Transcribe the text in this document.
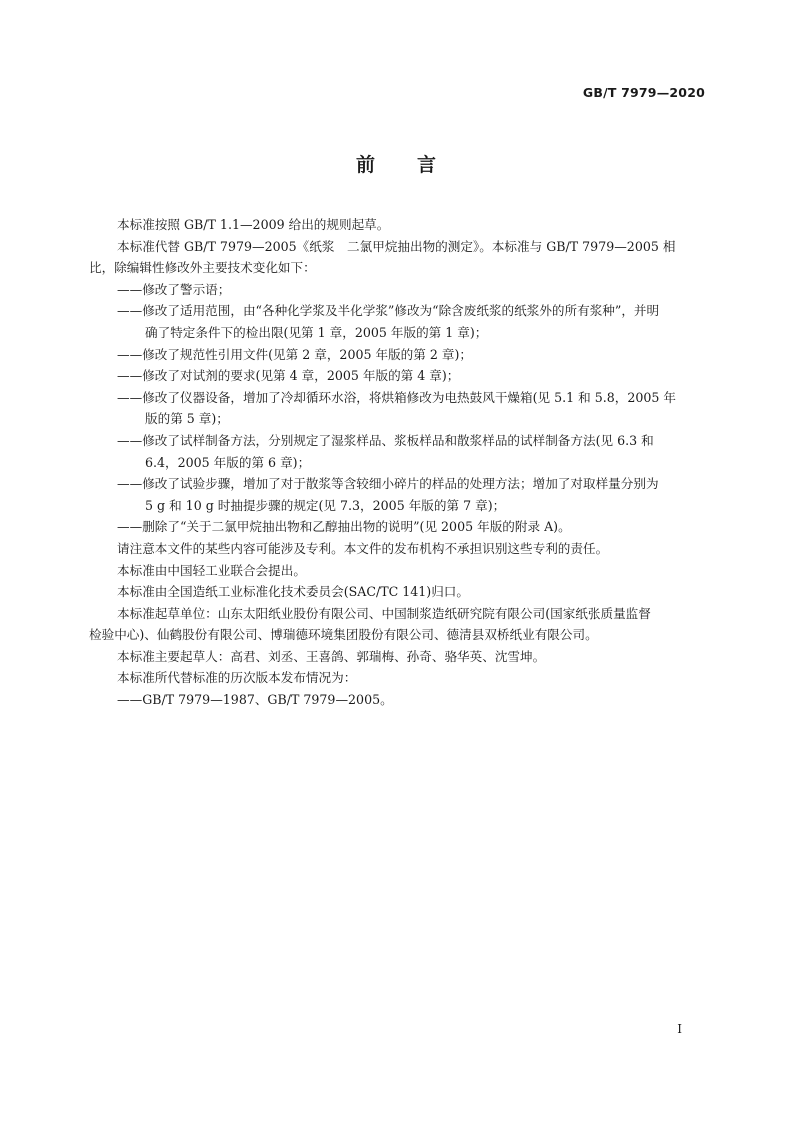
GB/T 7979—2020
前 言

本标准按照 GB/T 1.1—2009 给出的规则起草。

本标准代替 GB/T 7979—2005《纸浆　二氯甲烷抽出物的测定》。本标准与 GB/T 7979—2005 相

比，除编辑性修改外主要技术变化如下：

——修改了警示语；

——修改了适用范围，由“各种化学浆及半化学浆”修改为“除含废纸浆的纸浆外的所有浆种”，并明

确了特定条件下的检出限(见第 1 章，2005 年版的第 1 章)；

——修改了规范性引用文件(见第 2 章，2005 年版的第 2 章)；

——修改了对试剂的要求(见第 4 章，2005 年版的第 4 章)；

——修改了仪器设备，增加了冷却循环水浴，将烘箱修改为电热鼓风干燥箱(见 5.1 和 5.8，2005 年

版的第 5 章)；

——修改了试样制备方法，分别规定了湿浆样品、浆板样品和散浆样品的试样制备方法(见 6.3 和

6.4，2005 年版的第 6 章)；

——修改了试验步骤，增加了对于散浆等含较细小碎片的样品的处理方法；增加了对取样量分别为

5 g 和 10 g 时抽提步骤的规定(见 7.3，2005 年版的第 7 章)；

——删除了“关于二氯甲烷抽出物和乙醇抽出物的说明”(见 2005 年版的附录 A)。

请注意本文件的某些内容可能涉及专利。本文件的发布机构不承担识别这些专利的责任。

本标准由中国轻工业联合会提出。

本标准由全国造纸工业标准化技术委员会(SAC/TC 141)归口。

本标准起草单位：山东太阳纸业股份有限公司、中国制浆造纸研究院有限公司(国家纸张质量监督

检验中心)、仙鹤股份有限公司、博瑞德环境集团股份有限公司、德清县双桥纸业有限公司。

本标准主要起草人：高君、刘丞、王喜鸽、郭瑞梅、孙奇、骆华英、沈雪坤。

本标准所代替标准的历次版本发布情况为：

——GB/T 7979—1987、GB/T 7979—2005。

I
